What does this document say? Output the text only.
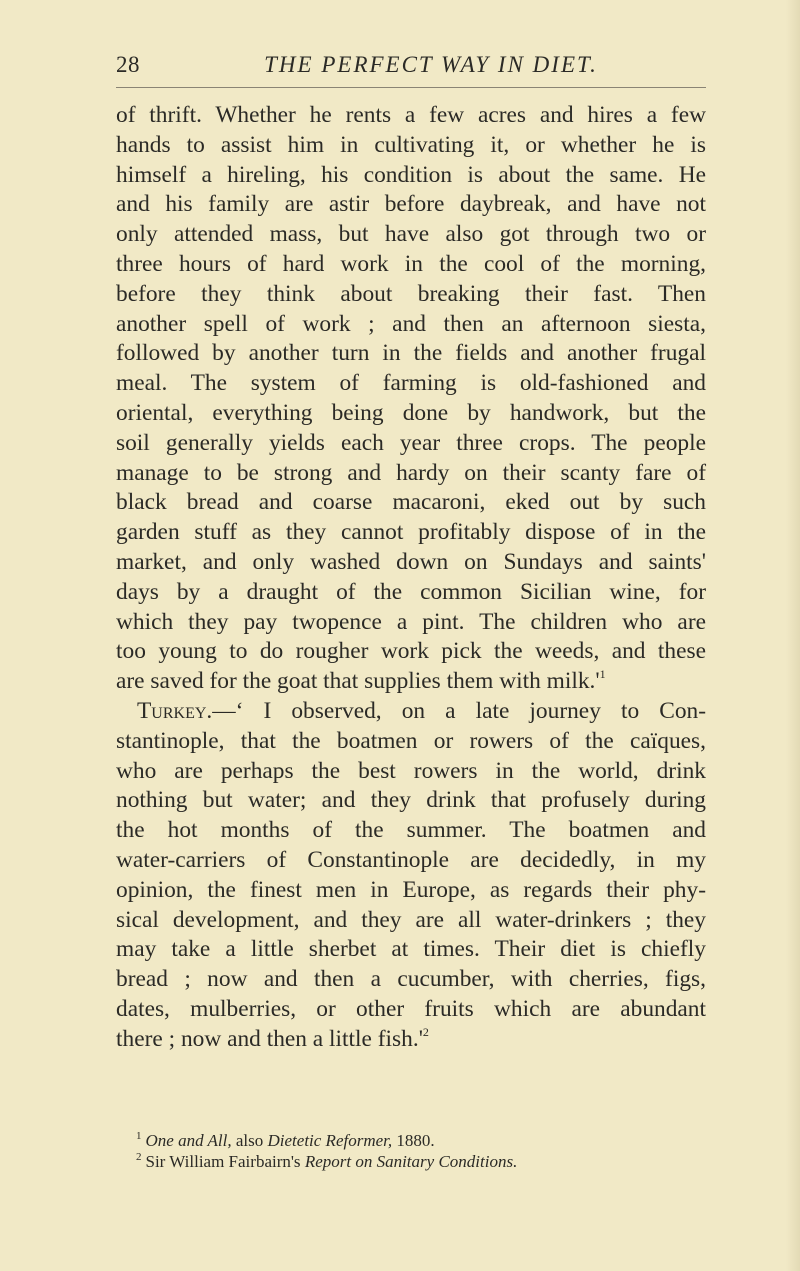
28	THE PERFECT WAY IN DIET.
of thrift. Whether he rents a few acres and hires a few
hands to assist him in cultivating it, or whether he is
himself a hireling, his condition is about the same. He
and his family are astir before daybreak, and have not
only attended mass, but have also got through two or
three hours of hard work in the cool of the morning,
before they think about breaking their fast. Then
another spell of work ; and then an afternoon siesta,
followed by another turn in the fields and another frugal
meal. The system of farming is old-fashioned and
oriental, everything being done by handwork, but the
soil generally yields each year three crops. The people
manage to be strong and hardy on their scanty fare of
black bread and coarse macaroni, eked out by such
garden stuff as they cannot profitably dispose of in the
market, and only washed down on Sundays and saints'
days by a draught of the common Sicilian wine, for
which they pay twopence a pint. The children who are
too young to do rougher work pick the weeds, and these
are saved for the goat that supplies them with $milk.'^1$
Turkey.—‘ I observed, on a late journey to Con-
stantinople, that the boatmen or rowers of the caïques,
who are perhaps the best rowers in the world, drink
nothing but water; and they drink that profusely during
the hot months of the summer. The boatmen and
water-carriers of Constantinople are decidedly, in my
opinion, the finest men in Europe, as regards their phy-
sical development, and they are all water-drinkers ; they
may take a little sherbet at times. Their diet is chiefly
bread ; now and then a cucumber, with cherries, figs,
dates, mulberries, or other fruits which are abundant
there ; now and then a little $fish.'^2$
$^1$ One and All, also Dietetic Reformer, 1880.
$^2$ Sir William Fairbairn's Report on Sanitary Conditions.
